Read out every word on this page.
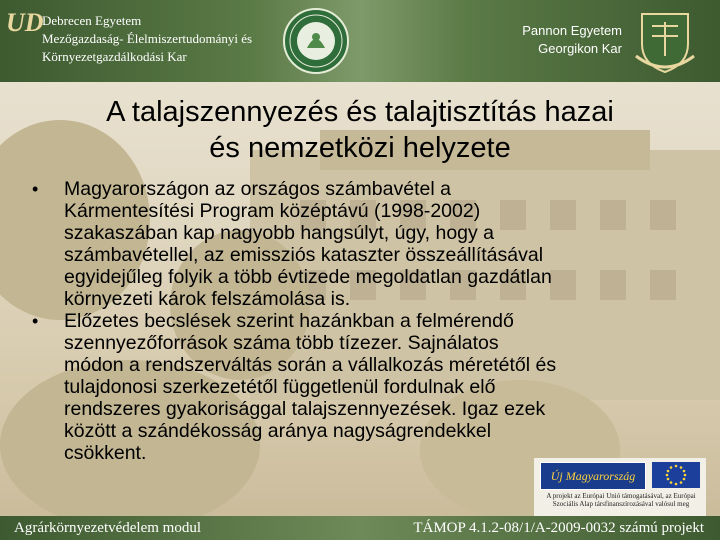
UD
Debrecen Egyetem
Mezőgazdaság- Élelmiszertudományi és
Környezetgazdálkodási Kar
Pannon Egyetem
Georgikon Kar
A talajszennyezés és talajtisztítás hazai
és nemzetközi helyzete
• Magyarországon az országos számbavétel a
Kármentesítési Program középtávú (1998-2002)
szakaszában kap nagyobb hangsúlyt, úgy, hogy a
számbavétellel, az emissziós kataszter összeállításával
egyidejűleg folyik a több évtizede megoldatlan gazdátlan
környezeti károk felszámolása is.
• Előzetes becslések szerint hazánkban a felmérendő
szennyezőforrások száma több tízezer. Sajnálatos
módon a rendszerváltás során a vállalkozás méretétől és
tulajdonosi szerkezetétől függetlenül fordulnak elő
rendszeres gyakorisággal talajszennyezések. Igaz ezek
között a szándékosság aránya nagyságrendekkel
csökkent.
Új Magyarország
A projekt az Európai Unió támogatásával, az Európai
Szociális Alap társfinanszírozásával valósul meg
Agrárkörnyezetvédelem modul	TÁMOP 4.1.2-08/1/A-2009-0032 számú projekt
